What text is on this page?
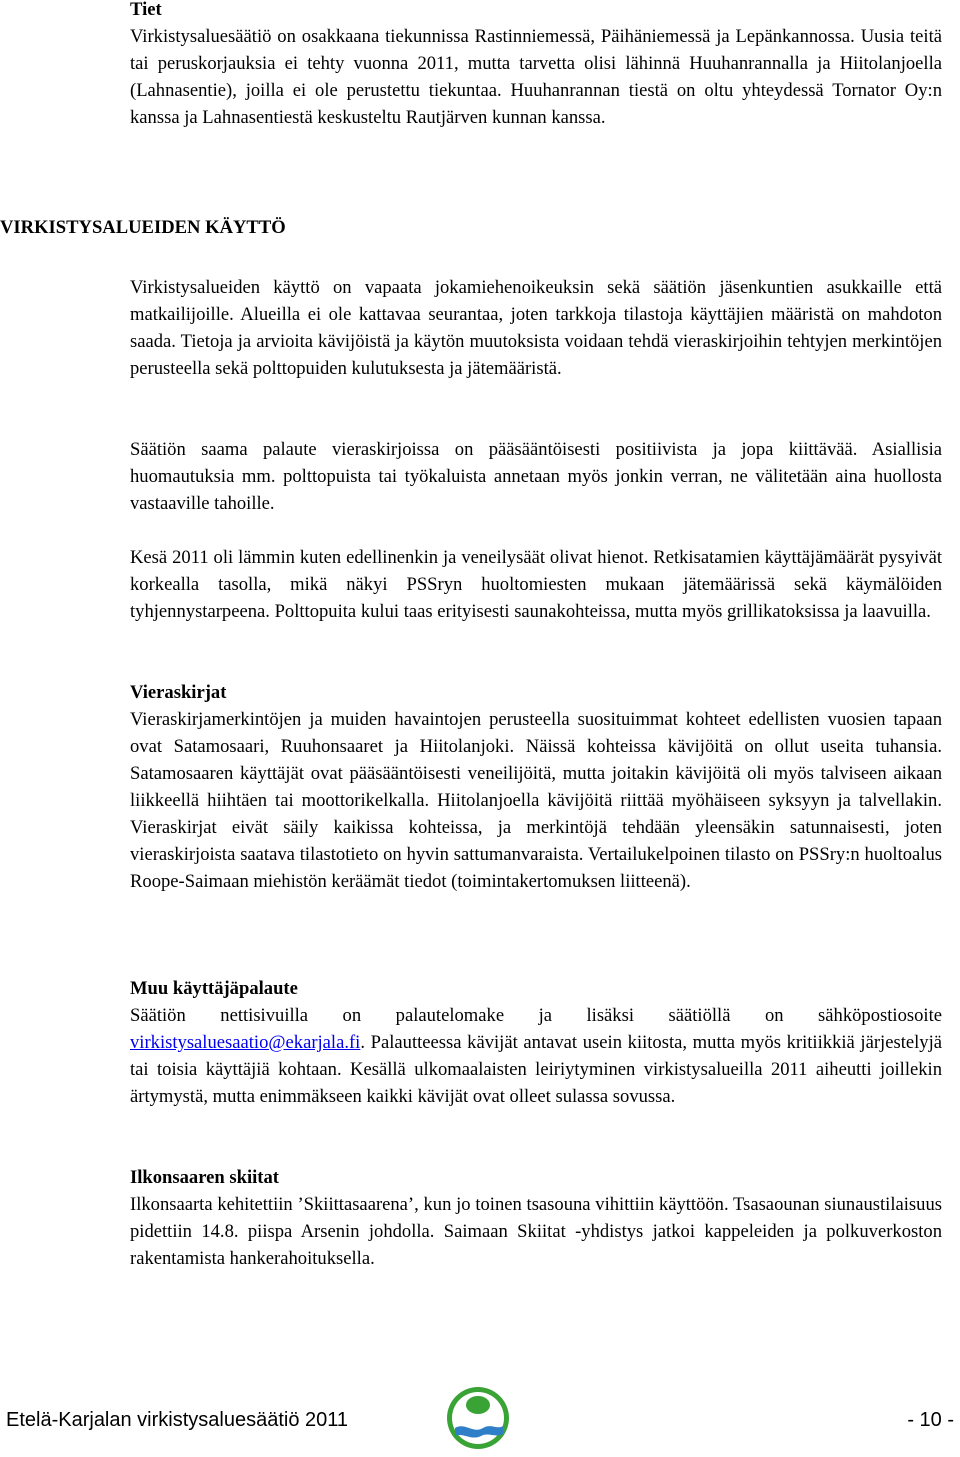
Tiet

Virkistysaluesäätiö on osakkaana tiekunnissa Rastinniemessä, Päihäniemessä ja Lepänkannossa. Uusia teitä tai peruskorjauksia ei tehty vuonna 2011, mutta tarvetta olisi lähinnä Huuhanrannalla ja Hiitolanjoella (Lahnasentie), joilla ei ole perustettu tiekuntaa. Huuhanrannan tiestä on oltu yhteydessä Tornator Oy:n kanssa ja Lahnasentiestä keskusteltu Rautjärven kunnan kanssa.

VIRKISTYSALUEIDEN KÄYTTÖ

Virkistysalueiden käyttö on vapaata jokamiehenoikeuksin sekä säätiön jäsenkuntien asukkaille että matkailijoille. Alueilla ei ole kattavaa seurantaa, joten tarkkoja tilastoja käyttäjien määristä on mahdoton saada. Tietoja ja arvioita kävijöistä ja käytön muutoksista voidaan tehdä vieraskirjoihin tehtyjen merkintöjen perusteella sekä polttopuiden kulutuksesta ja jätemääristä.

Säätiön saama palaute vieraskirjoissa on pääsääntöisesti positiivista ja jopa kiittävää. Asiallisia huomautuksia mm. polttopuista tai työkaluista annetaan myös jonkin verran, ne välitetään aina huollosta vastaaville tahoille.

Kesä 2011 oli lämmin kuten edellinenkin ja veneilysäät olivat hienot. Retkisatamien käyttäjämäärät pysyivät korkealla tasolla, mikä näkyi PSSryn huoltomiesten mukaan jätemäärissä sekä käymälöiden tyhjennystarpeena. Polttopuita kului taas erityisesti saunakohteissa, mutta myös grillikatoksissa ja laavuilla.

Vieraskirjat

Vieraskirjamerkintöjen ja muiden havaintojen perusteella suosituimmat kohteet edellisten vuosien tapaan ovat Satamosaari, Ruuhonsaaret ja Hiitolanjoki. Näissä kohteissa kävijöitä on ollut useita tuhansia. Satamosaaren käyttäjät ovat pääsääntöisesti veneilijöitä, mutta joitakin kävijöitä oli myös talviseen aikaan liikkeellä hiihtäen tai moottorikelkalla. Hiitolanjoella kävijöitä riittää myöhäiseen syksyyn ja talvellakin. Vieraskirjat eivät säily kaikissa kohteissa, ja merkintöjä tehdään yleensäkin satunnaisesti, joten vieraskirjoista saatava tilastotieto on hyvin sattumanvaraista. Vertailukelpoinen tilasto on PSSry:n huoltoalus Roope-Saimaan miehistön keräämät tiedot (toimintakertomuksen liitteenä).

Muu käyttäjäpalaute

Säätiön nettisivuilla on palautelomake ja lisäksi säätiöllä on sähköpostiosoite virkistysaluesaatio@ekarjala.fi. Palautteessa kävijät antavat usein kiitosta, mutta myös kritiikkiä järjestelyjä tai toisia käyttäjiä kohtaan. Kesällä ulkomaalaisten leiriytyminen virkistysalueilla 2011 aiheutti joillekin ärtymystä, mutta enimmäkseen kaikki kävijät ovat olleet sulassa sovussa.

Ilkonsaaren skiitat

Ilkonsaarta kehitettiin ’Skiittasaarena’, kun jo toinen tsasouna vihittiin käyttöön. Tsasaounan siunaustilaisuus pidettiin 14.8. piispa Arsenin johdolla. Saimaan Skiitat -yhdistys jatkoi kappeleiden ja polkuverkoston rakentamista hankerahoituksella.

Etelä-Karjalan virkistysaluesäätiö 2011	- 10 -
